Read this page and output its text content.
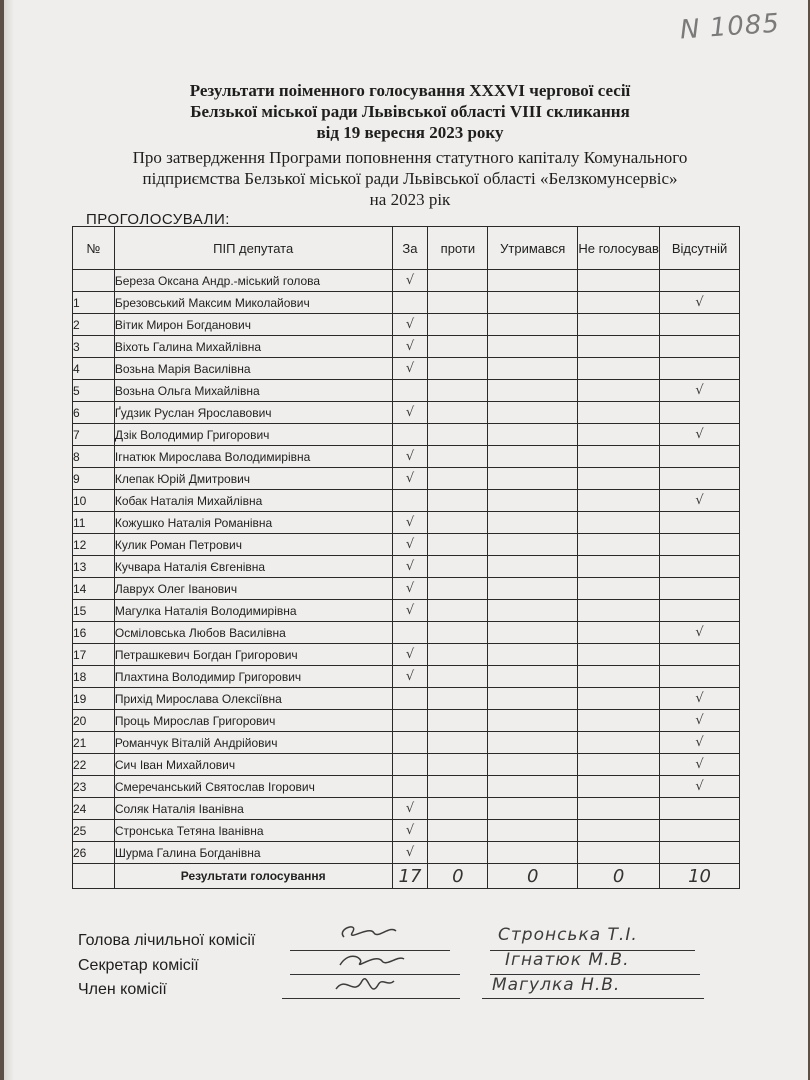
N 1085
Результати поіменного голосування XXXVI чергової сесії
Белзької міської ради Львівської області VIII скликання
від 19 вересня 2023 року
Про затвердження Програми поповнення статутного капіталу Комунального
підприємства Белзької міської ради Львівської області «Белзкомунсервіс»
на 2023 рік
ПРОГОЛОСУВАЛИ:
№	ПІП депутата	За	проти	Утримався	Не голосував	Відсутній
	Береза Оксана Андр.-міський голова	√				
1	Брезовський Максим Миколайович					√
2	Вітик Мирон Богданович	√				
3	Віхоть Галина Михайлівна	√				
4	Возьна Марія Василівна	√				
5	Возьна Ольга Михайлівна					√
6	Ґудзик Руслан Ярославович	√				
7	Дзік Володимир Григорович					√
8	Ігнатюк Мирослава Володимирівна	√				
9	Клепак Юрій Дмитрович	√				
10	Кобак Наталія Михайлівна					√
11	Кожушко Наталія Романівна	√				
12	Кулик Роман Петрович	√				
13	Кучвара Наталія Євгенівна	√				
14	Лаврух Олег Іванович	√				
15	Магулка Наталія Володимирівна	√				
16	Осміловська Любов Василівна					√
17	Петрашкевич Богдан Григорович	√				
18	Плахтина Володимир Григорович	√				
19	Прихід Мирослава Олексіївна					√
20	Проць Мирослав Григорович					√
21	Романчук Віталій Андрійович					√
22	Сич Іван Михайлович					√
23	Смеречанський Святослав Ігорович					√
24	Соляк Наталія Іванівна	√				
25	Стронська Тетяна Іванівна	√				
26	Шурма Галина Богданівна	√				
	Результати голосування	17	0	0	0	10
Голова лічильної комісії
Секретар комісії
Член комісії
Стронська Т.І.
Ігнатюк М.В.
Магулка Н.В.
